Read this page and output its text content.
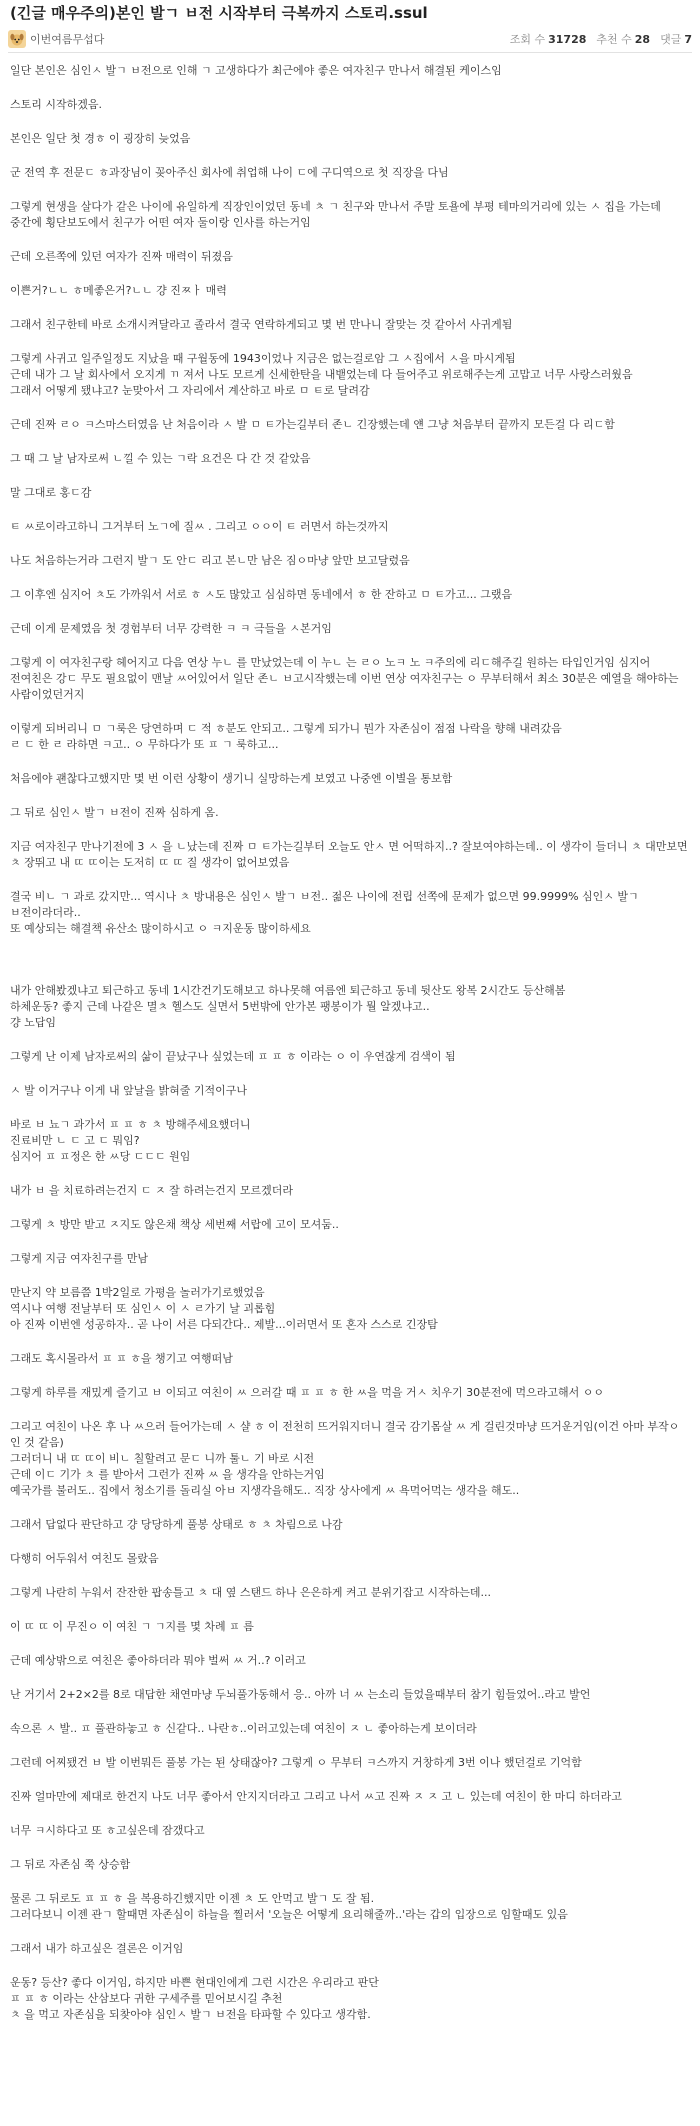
(긴글 매우주의)본인 발ㄱ ㅂ전 시작부터 극복까지 스토리.ssul
이번여름무섭다	조회 수 31728 추천 수 28 댓글 7

일단 본인은 심인ㅅ 발ㄱ ㅂ전으로 인해 ㄱ 고생하다가 최근에야 좋은 여자친구 만나서 해결된 케이스임

스토리 시작하겠음.

본인은 일단 첫 경ㅎ 이 굉장히 늦었음

군 전역 후 전문ㄷ ㅎ과장님이 꽂아주신 회사에 취업해 나이 ㄷ에 구디역으로 첫 직장을 다님

그렇게 현생을 살다가 같은 나이에 유일하게 직장인이었던 동네 ㅊ ㄱ 친구와 만나서 주말 토욜에 부평 테마의거리에 있는 ㅅ 집을 가는데 중간에 횡단보도에서 친구가 어떤 여자 둘이랑 인사를 하는거임

근데 오른쪽에 있던 여자가 진짜 매력이 뒤졌음

이쁜거?ㄴㄴ ㅎ메좋은거?ㄴㄴ 걍 진ㅉㅏ 매력

그래서 친구한테 바로 소개시켜달라고 졸라서 결국 연락하게되고 몇 번 만나니 잘맞는 것 같아서 사귀게됨

그렇게 사귀고 일주일정도 지났을 때 구월동에 1943이었나 지금은 없는걸로암 그 ㅅ집에서 ㅅ을 마시게됨
근데 내가 그 날 회사에서 오지게 ㄲ 져서 나도 모르게 신세한탄을 내뱉었는데 다 들어주고 위로해주는게 고맙고 너무 사랑스러웠음
그래서 어떻게 됐냐고? 눈맞아서 그 자리에서 계산하고 바로 ㅁ ㅌ로 달려감

근데 진짜 ㄹㅇ ㅋ스마스터였음 난 처음이라 ㅅ 발 ㅁ ㅌ가는길부터 존ㄴ 긴장했는데 얜 그냥 처음부터 끝까지 모든걸 다 리ㄷ함

그 때 그 날 남자로써 ㄴ낄 수 있는 ㄱ락 요건은 다 간 것 같았음

말 그대로 홍ㄷ감

ㅌ ㅆ로이라고하니 그거부터 노ㄱ에 질ㅆ . 그리고 ㅇㅇ이 ㅌ 러면서 하는것까지

나도 처음하는거라 그런지 발ㄱ 도 안ㄷ 리고 본ㄴ만 남은 짐ㅇ마냥 앞만 보고달렸음

그 이후엔 심지어 ㅊ도 가까워서 서로 ㅎ ㅅ도 많았고 심심하면 동네에서 ㅎ 한 잔하고 ㅁ ㅌ가고... 그랬음

근데 이게 문제였음 첫 경험부터 너무 강력한 ㅋ ㅋ 극들을 ㅅ본거임

그렇게 이 여자친구랑 헤어지고 다음 연상 누ㄴ 를 만났었는데 이 누ㄴ 는 ㄹㅇ 노ㅋ 노 ㅋ주의에 리ㄷ해주길 원하는 타입인거임 심지어 전여친은 강ㄷ 무도 필요없이 맨날 ㅆ어있어서 일단 존ㄴ ㅂ고시작했는데 이번 연상 여자친구는 ㅇ 무부터해서 최소 30분은 예열을 해야하는 사람이었던거지

이렇게 되버리니 ㅁ ㄱ룩은 당연하며 ㄷ 적 ㅎ분도 안되고.. 그렇게 되가니 뭔가 자존심이 점점 나락을 향해 내려갔음
ㄹ ㄷ 한 ㄹ 라하면 ㅋ고.. ㅇ 무하다가 또 ㅍ ㄱ 룩하고...

처음에야 괜찮다고했지만 몇 번 이런 상황이 생기니 실망하는게 보였고 나중엔 이별을 통보함

그 뒤로 심인ㅅ 발ㄱ ㅂ전이 진짜 심하게 옴.

지금 여자친구 만나기전에 3 ㅅ 을 ㄴ났는데 진짜 ㅁ ㅌ가는길부터 오늘도 안ㅅ 면 어떡하지..? 잘보여야하는데.. 이 생각이 들더니 ㅊ 대만보면 ㅊ 장뛰고 내 ㄸ ㄸ이는 도저히 ㄸ ㄸ 질 생각이 없어보였음

결국 비ㄴ ㄱ 과로 갔지만... 역시나 ㅊ 방내용은 심인ㅅ 발ㄱ ㅂ전.. 젊은 나이에 전립 선쪽에 문제가 없으면 99.9999% 심인ㅅ 발ㄱ ㅂ전이라더라..
또 예상되는 해결책 유산소 많이하시고 ㅇ ㅋ지운동 많이하세요

내가 안해봤겠냐고 퇴근하고 동네 1시간건기도해보고 하나못해 여름엔 퇴근하고 동네 뒷산도 왕복 2시간도 등산해봄
하체운동? 좋지 근데 나같은 멸ㅊ 헬스도 실면서 5번밖에 안가본 팽봉이가 뭘 알겠냐고..
걍 노답임

그렇게 난 이제 남자로써의 삶이 끝났구나 싶었는데 ㅍ ㅍ ㅎ 이라는 ㅇ 이 우연잖게 검색이 됨

ㅅ 발 이거구나 이게 내 앞날을 밝혀줄 기적이구나

바로 ㅂ 뇨ㄱ 과가서 ㅍ ㅍ ㅎ ㅊ 방해주세요했더니
진료비만 ㄴ ㄷ 고 ㄷ 뭐임?
심지어 ㅍ ㅍ정은 한 ㅆ당 ㄷㄷㄷ 원임

내가 ㅂ 을 치료하려는건지 ㄷ ㅈ 잘 하려는건지 모르겠더라

그렇게 ㅊ 방만 받고 ㅈ지도 않은채 책상 세번째 서랍에 고이 모셔둠..

그렇게 지금 여자친구를 만남

만난지 약 보름쯤 1박2일로 가평을 놀러가기로했었음
역시나 여행 전날부터 또 심인ㅅ 이 ㅅ ㄹ가기 날 괴롭힘
아 진짜 이번엔 성공하자.. 곧 나이 서른 다되간다.. 제발...이러면서 또 혼자 스스로 긴장탐

그래도 혹시몰라서 ㅍ ㅍ ㅎ을 챙기고 여행떠남

그렇게 하루를 재밌게 즐기고 ㅂ 이되고 여친이 ㅆ 으러갈 때 ㅍ ㅍ ㅎ 한 ㅆ을 먹을 거ㅅ 치우기 30분전에 먹으라고해서 ㅇㅇ

그리고 여친이 나온 후 나 ㅆ으러 들어가는데 ㅅ 샬 ㅎ 이 전천히 뜨거워지더니 결국 감기몸살 ㅆ 게 걸린것마냥 뜨거운거임(이건 아마 부작ㅇ 인 것 같음)
그러더니 내 ㄸ ㄸ이 비ㄴ 칠할려고 문ㄷ 니까 툴ㄴ 기 바로 시전
근데 이ㄷ 기가 ㅊ 를 받아서 그런가 진짜 ㅆ 을 생각을 안하는거임
예국가를 불러도.. 집에서 청소기를 돌리실 아ㅂ 지생각을해도.. 직장 상사에게 ㅆ 욕먹어먹는 생각을 해도..

그래서 답없다 판단하고 걍 당당하게 풀봉 상태로 ㅎ ㅊ 차림으로 나감

다행히 어두워서 여친도 몰랐음

그렇게 나란히 누워서 잔잔한 팝송틀고 ㅊ 대 옆 스탠드 하나 은은하게 켜고 분위기잡고 시작하는데...

이 ㄸ ㄸ 이 무진ㅇ 이 여친 ㄱ ㄱ지를 몇 차례 ㅍ 름

근데 예상밖으로 여친은 좋아하더라 뭐야 벌써 ㅆ 거..? 이러고

난 거기서 2+2×2를 8로 대답한 채연마냥 두뇌풀가동해서 응.. 아까 너 ㅆ 는소리 들었을때부터 참기 힘들었어..라고 발언

속으론 ㅅ 발.. ㅍ 풀관하놓고 ㅎ 신같다.. 나란ㅎ..이러고있는데 여친이 ㅈ ㄴ 좋아하는게 보이더라

그런데 어찌됐건 ㅂ 발 이번뭐든 풀봉 가는 된 상태잖아? 그렇게 ㅇ 무부터 ㅋ스까지 거창하게 3번 이나 했던걸로 기억함

진짜 얼마만에 제대로 한건지 나도 너무 좋아서 안지지더라고 그리고 나서 ㅆ고 진짜 ㅈ ㅈ 고 ㄴ 있는데 여친이 한 마디 하더라고

너무 ㅋ시하다고 또 ㅎ고싶은데 잠갰다고

그 뒤로 자존심 쭉 상승함

물론 그 뒤로도 ㅍ ㅍ ㅎ 을 복용하긴했지만 이젠 ㅊ 도 안먹고 발ㄱ 도 잘 됨.
그러다보니 이젠 관ㄱ 할때면 자존심이 하늘을 찔러서 '오늘은 어떻게 요리해줄까..'라는 갑의 입장으로 임할때도 있음

그래서 내가 하고싶은 결론은 이거임

운동? 등산? 좋다 이거임, 하지만 바쁜 현대인에게 그런 시간은 우리라고 판단
ㅍ ㅍ ㅎ 이라는 산삼보다 귀한 구세주를 믿어보시길 추천
ㅊ 을 먹고 자존심을 되찾아야 심인ㅅ 발ㄱ ㅂ전을 타파할 수 있다고 생각함.
